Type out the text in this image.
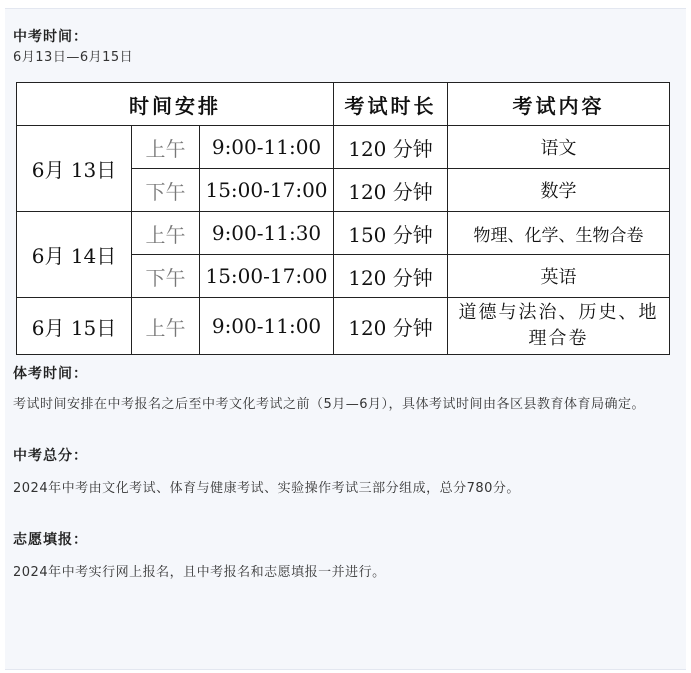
中考时间：
6月13日—6月15日
时间安排			考试时长	考试内容
6月 13日	上午	9:00-11:00	120 分钟	语文
	下午	15:00-17:00	120 分钟	数学
6月 14日	上午	9:00-11:30	150 分钟	物理、化学、生物合卷
	下午	15:00-17:00	120 分钟	英语
6月 15日	上午	9:00-11:00	120 分钟	道德与法治、历史、地理合卷
体考时间：
考试时间安排在中考报名之后至中考文化考试之前（5月—6月），具体考试时间由各区县教育体育局确定。
中考总分：
2024年中考由文化考试、体育与健康考试、实验操作考试三部分组成，总分780分。
志愿填报：
2024年中考实行网上报名，且中考报名和志愿填报一并进行。
